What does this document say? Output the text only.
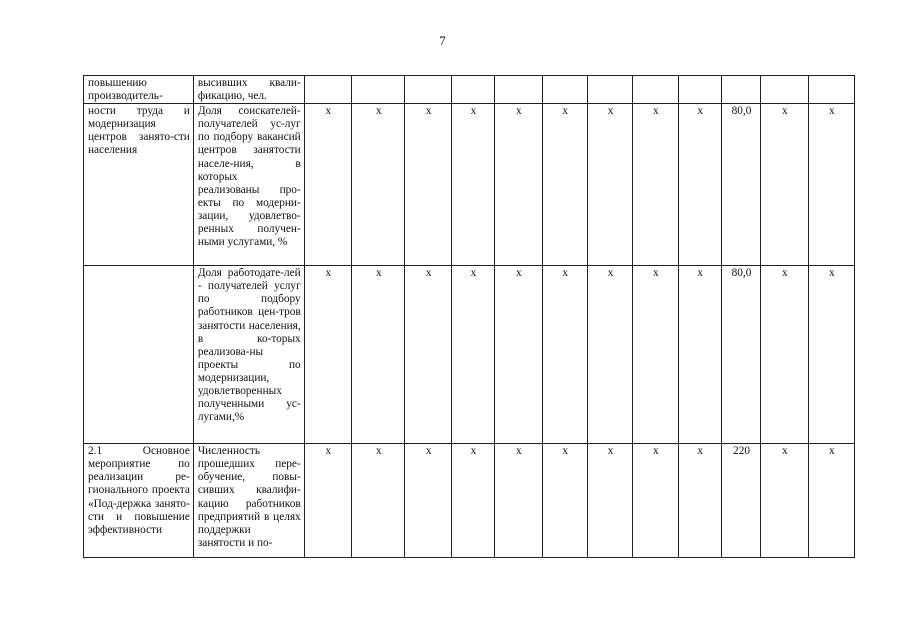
7
повышению производитель-	высивших квали-фикацию, чел.												
ности труда и модернизация центров занято-сти населения	Доля соискателей- получателей ус-луг по подбору вакансий центров занятости населе-ния, в которых реализованы про-екты по модерни-зации, удовлетво-ренных получен-ными услугами, %	x	x	x	x	x	x	x	x	x	80,0	x	x
	Доля работодате-лей - получателей услуг по подбору работников цен-тров занятости населения, в ко-торых реализова-ны проекты по модернизации, удовлетворенных полученными ус-лугами,%	x	x	x	x	x	x	x	x	x	80,0	x	x
2.1 Основное мероприятие по реализации ре-гионального проекта «Под-держка занято-сти и повышение эффективности	Численность прошедших пере-обучение, повы-сивших квалифи-кацию работников предприятий в целях поддержки занятости и по-	x	x	x	x	x	x	x	x	x	220	x	x
